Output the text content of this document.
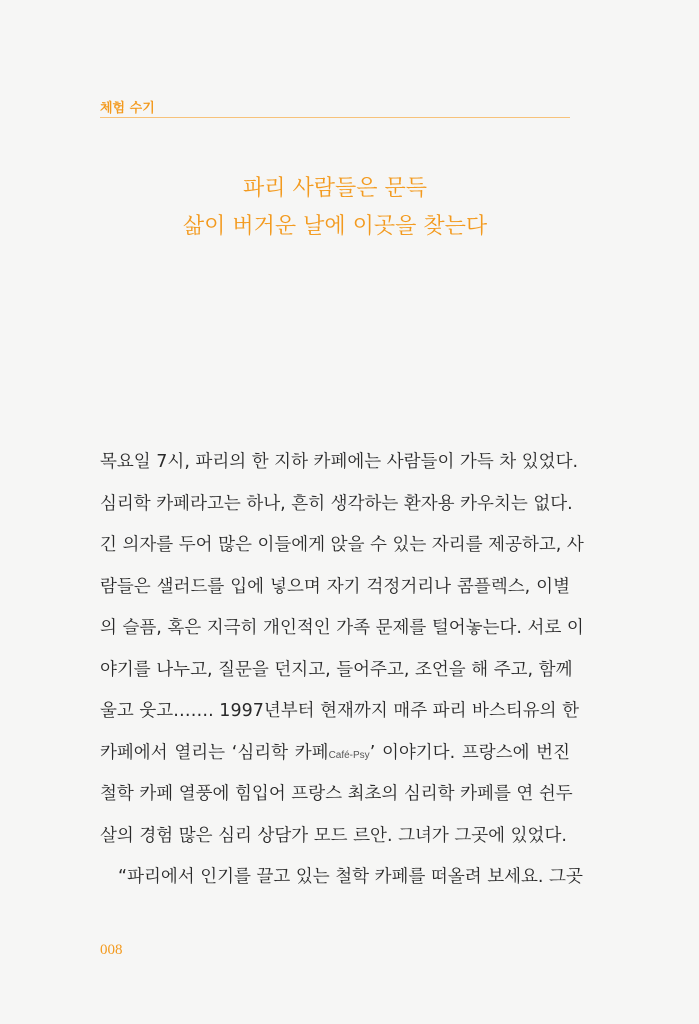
체험 수기
파리 사람들은 문득
삶이 버거운 날에 이곳을 찾는다
목요일 7시, 파리의 한 지하 카페에는 사람들이 가득 차 있었다.
심리학 카페라고는 하나, 흔히 생각하는 환자용 카우치는 없다.
긴 의자를 두어 많은 이들에게 앉을 수 있는 자리를 제공하고, 사
람들은 샐러드를 입에 넣으며 자기 걱정거리나 콤플렉스, 이별
의 슬픔, 혹은 지극히 개인적인 가족 문제를 털어놓는다. 서로 이
야기를 나누고, 질문을 던지고, 들어주고, 조언을 해 주고, 함께
울고 웃고……. 1997년부터 현재까지 매주 파리 바스티유의 한
카페에서 열리는 ‘심리학 카페Café-Psy’ 이야기다. 프랑스에 번진
철학 카페 열풍에 힘입어 프랑스 최초의 심리학 카페를 연 쉰두
살의 경험 많은 심리 상담가 모드 르안. 그녀가 그곳에 있었다.
“파리에서 인기를 끌고 있는 철학 카페를 떠올려 보세요. 그곳
008
